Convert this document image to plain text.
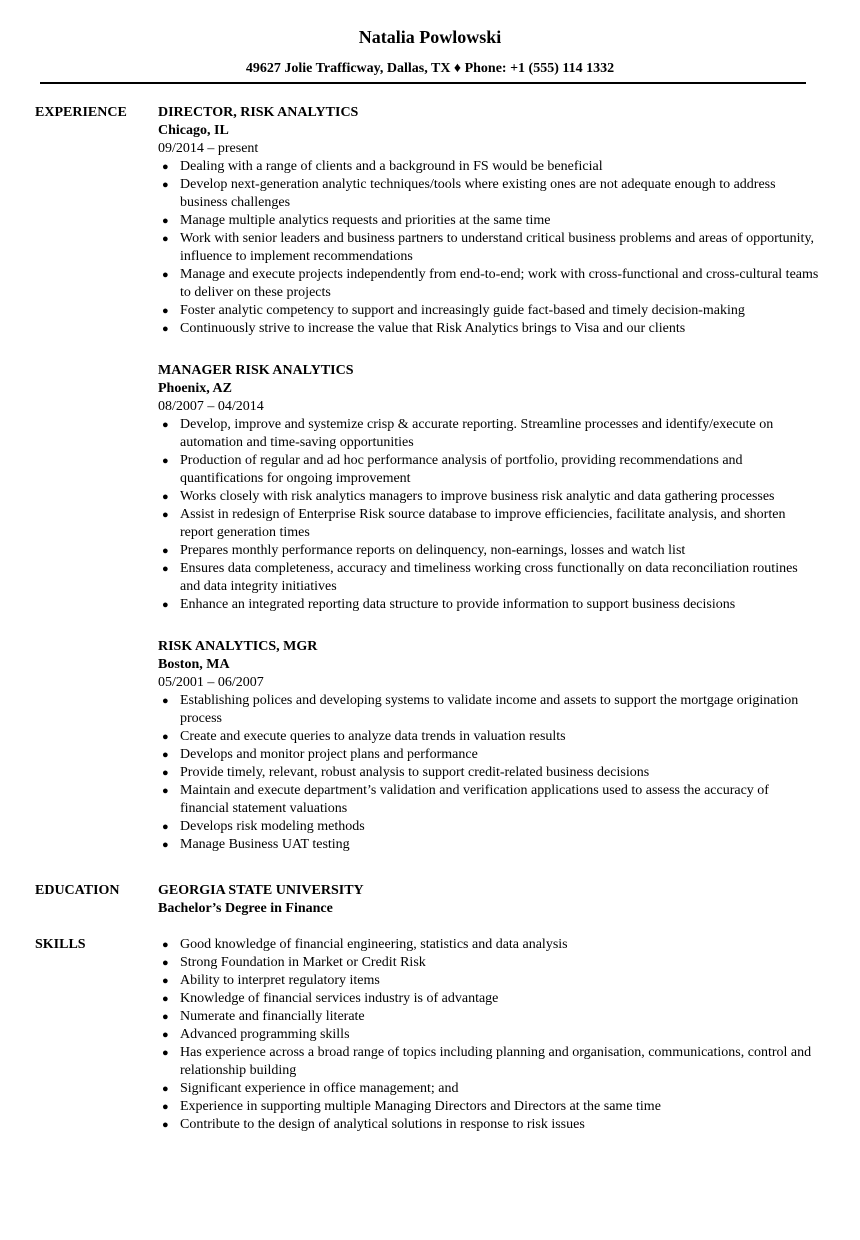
Natalia Powlowski
49627 Jolie Trafficway, Dallas, TX ♦ Phone: +1 (555) 114 1332
EXPERIENCE	DIRECTOR, RISK ANALYTICS
Chicago, IL
09/2014 – present
● Dealing with a range of clients and a background in FS would be beneficial
● Develop next-generation analytic techniques/tools where existing ones are not adequate enough to address business challenges
● Manage multiple analytics requests and priorities at the same time
● Work with senior leaders and business partners to understand critical business problems and areas of opportunity, influence to implement recommendations
● Manage and execute projects independently from end-to-end; work with cross-functional and cross-cultural teams to deliver on these projects
● Foster analytic competency to support and increasingly guide fact-based and timely decision-making
● Continuously strive to increase the value that Risk Analytics brings to Visa and our clients
MANAGER RISK ANALYTICS
Phoenix, AZ
08/2007 – 04/2014
● Develop, improve and systemize crisp & accurate reporting. Streamline processes and identify/execute on automation and time-saving opportunities
● Production of regular and ad hoc performance analysis of portfolio, providing recommendations and quantifications for ongoing improvement
● Works closely with risk analytics managers to improve business risk analytic and data gathering processes
● Assist in redesign of Enterprise Risk source database to improve efficiencies, facilitate analysis, and shorten report generation times
● Prepares monthly performance reports on delinquency, non-earnings, losses and watch list
● Ensures data completeness, accuracy and timeliness working cross functionally on data reconciliation routines and data integrity initiatives
● Enhance an integrated reporting data structure to provide information to support business decisions
RISK ANALYTICS, MGR
Boston, MA
05/2001 – 06/2007
● Establishing polices and developing systems to validate income and assets to support the mortgage origination process
● Create and execute queries to analyze data trends in valuation results
● Develops and monitor project plans and performance
● Provide timely, relevant, robust analysis to support credit-related business decisions
● Maintain and execute department’s validation and verification applications used to assess the accuracy of financial statement valuations
● Develops risk modeling methods
● Manage Business UAT testing
EDUCATION	GEORGIA STATE UNIVERSITY
Bachelor’s Degree in Finance
SKILLS	● Good knowledge of financial engineering, statistics and data analysis
● Strong Foundation in Market or Credit Risk
● Ability to interpret regulatory items
● Knowledge of financial services industry is of advantage
● Numerate and financially literate
● Advanced programming skills
● Has experience across a broad range of topics including planning and organisation, communications, control and relationship building
● Significant experience in office management; and
● Experience in supporting multiple Managing Directors and Directors at the same time
● Contribute to the design of analytical solutions in response to risk issues
